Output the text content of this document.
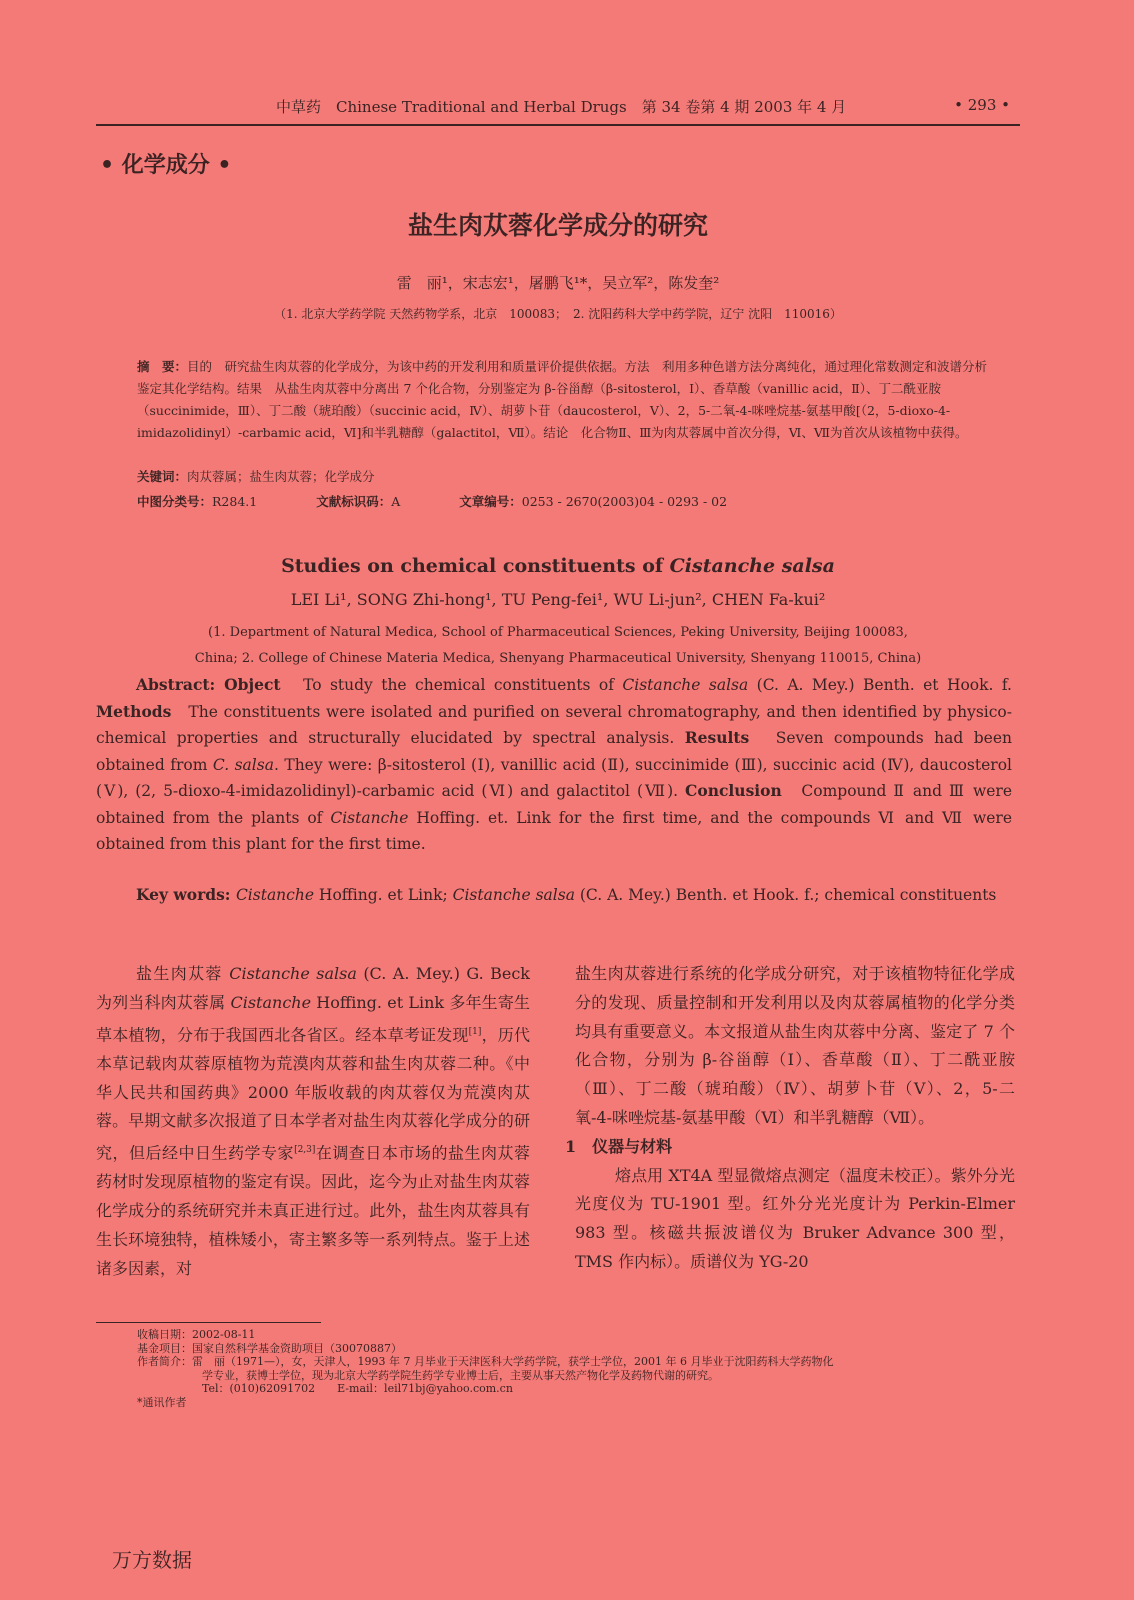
中草药　Chinese Traditional and Herbal Drugs　第 34 卷第 4 期 2003 年 4 月	• 293 •
• 化学成分 •
盐生肉苁蓉化学成分的研究
雷　丽¹，宋志宏¹，屠鹏飞¹*，吴立军²，陈发奎²
（1. 北京大学药学院 天然药物学系，北京　100083；　2. 沈阳药科大学中药学院，辽宁 沈阳　110016）
摘　要：目的　研究盐生肉苁蓉的化学成分，为该中药的开发利用和质量评价提供依据。方法　利用多种色谱方法分离纯化，通过理化常数测定和波谱分析鉴定其化学结构。结果　从盐生肉苁蓉中分离出 7 个化合物，分别鉴定为 β-谷甾醇（β-sitosterol，Ⅰ）、香草酸（vanillic acid，Ⅱ）、丁二酰亚胺（succinimide，Ⅲ）、丁二酸（琥珀酸）（succinic acid，Ⅳ）、胡萝卜苷（daucosterol，Ⅴ）、2，5-二氧-4-咪唑烷基-氨基甲酸[（2，5-dioxo-4-imidazolidinyl）-carbamic acid，Ⅵ]和半乳糖醇（galactitol，Ⅶ）。结论　化合物Ⅱ、Ⅲ为肉苁蓉属中首次分得，Ⅵ、Ⅶ为首次从该植物中获得。
关键词：肉苁蓉属；盐生肉苁蓉；化学成分
中图分类号：R284.1	文献标识码：A	文章编号：0253 - 2670(2003)04 - 0293 - 02
Studies on chemical constituents of Cistanche salsa
LEI Li¹, SONG Zhi-hong¹, TU Peng-fei¹, WU Li-jun², CHEN Fa-kui²
(1. Department of Natural Medica, School of Pharmaceutical Sciences, Peking University, Beijing 100083,
China; 2. College of Chinese Materia Medica, Shenyang Pharmaceutical University, Shenyang 110015, China)
Abstract: Object　To study the chemical constituents of Cistanche salsa (C. A. Mey.) Benth. et Hook. f. Methods　The constituents were isolated and purified on several chromatography, and then identified by physico-chemical properties and structurally elucidated by spectral analysis. Results　Seven compounds had been obtained from C. salsa. They were: β-sitosterol (Ⅰ), vanillic acid (Ⅱ), succinimide (Ⅲ), succinic acid (Ⅳ), daucosterol (Ⅴ), (2, 5-dioxo-4-imidazolidinyl)-carbamic acid (Ⅵ) and galactitol (Ⅶ). Conclusion　Compound Ⅱ and Ⅲ were obtained from the plants of Cistanche Hoffing. et. Link for the first time, and the compounds Ⅵ and Ⅶ were obtained from this plant for the first time.
Key words: Cistanche Hoffing. et Link; Cistanche salsa (C. A. Mey.) Benth. et Hook. f.; chemical constituents
盐生肉苁蓉 Cistanche salsa (C. A. Mey.) G. Beck 为列当科肉苁蓉属 Cistanche Hoffing. et Link 多年生寄生草本植物，分布于我国西北各省区。经本草考证发现[1]，历代本草记载肉苁蓉原植物为荒漠肉苁蓉和盐生肉苁蓉二种。《中华人民共和国药典》2000 年版收载的肉苁蓉仅为荒漠肉苁蓉。早期文献多次报道了日本学者对盐生肉苁蓉化学成分的研究，但后经中日生药学专家[2,3]在调查日本市场的盐生肉苁蓉药材时发现原植物的鉴定有误。因此，迄今为止对盐生肉苁蓉化学成分的系统研究并未真正进行过。此外，盐生肉苁蓉具有生长环境独特，植株矮小，寄主繁多等一系列特点。鉴于上述诸多因素，对

盐生肉苁蓉进行系统的化学成分研究，对于该植物特征化学成分的发现、质量控制和开发利用以及肉苁蓉属植物的化学分类均具有重要意义。本文报道从盐生肉苁蓉中分离、鉴定了 7 个化合物，分别为 β-谷甾醇（Ⅰ）、香草酸（Ⅱ）、丁二酰亚胺（Ⅲ）、丁二酸（琥珀酸）（Ⅳ）、胡萝卜苷（Ⅴ）、2，5-二氧-4-咪唑烷基-氨基甲酸（Ⅵ）和半乳糖醇（Ⅶ）。

1　仪器与材料

熔点用 XT4A 型显微熔点测定（温度未校正）。紫外分光光度仪为 TU-1901 型。红外分光光度计为 Perkin-Elmer 983 型。核磁共振波谱仪为 Bruker Advance 300 型，TMS 作内标）。质谱仪为 YG-20

收稿日期：2002-08-11
基金项目：国家自然科学基金资助项目（30070887）
作者简介：雷　丽（1971—），女，天津人，1993 年 7 月毕业于天津医科大学药学院，获学士学位，2001 年 6 月毕业于沈阳药科大学药物化
学专业，获博士学位，现为北京大学药学院生药学专业博士后，主要从事天然产物化学及药物代谢的研究。
Tel：(010)62091702　　E-mail：leil71bj@yahoo.com.cn
*通讯作者
万方数据
